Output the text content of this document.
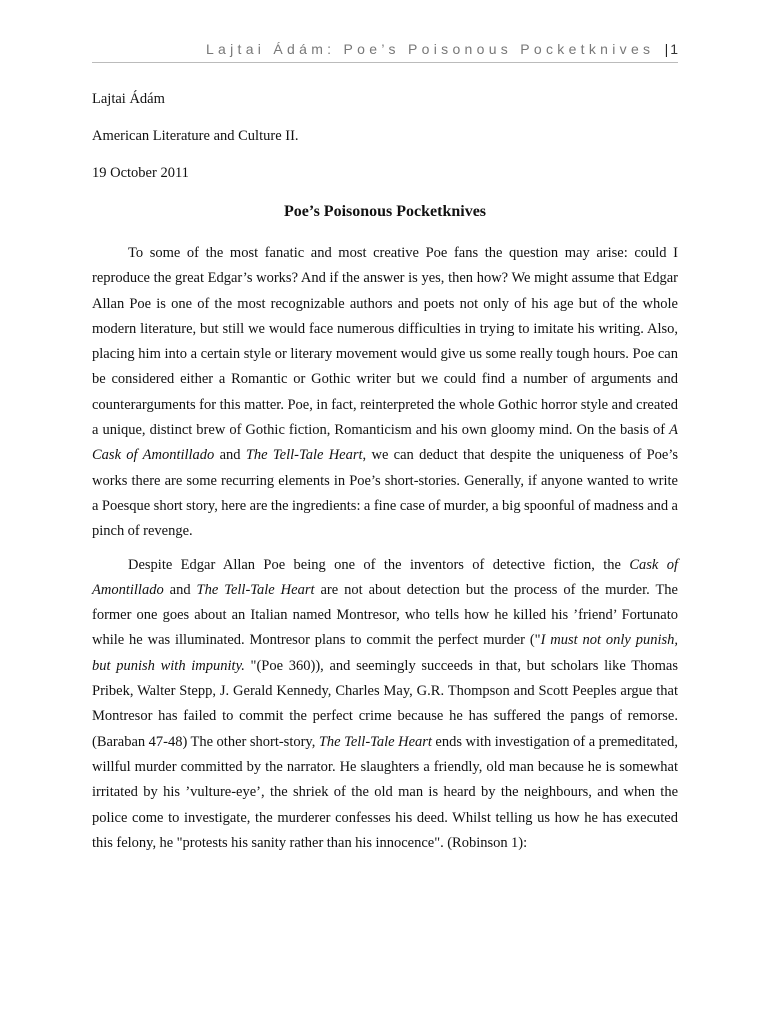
Lajtai Ádám: Poe’s Poisonous Pocketknives |1
Lajtai Ádám
American Literature and Culture II.
19 October 2011
Poe’s Poisonous Pocketknives

To some of the most fanatic and most creative Poe fans the question may arise: could I reproduce the great Edgar’s works? And if the answer is yes, then how? We might assume that Edgar Allan Poe is one of the most recognizable authors and poets not only of his age but of the whole modern literature, but still we would face numerous difficulties in trying to imitate his writing. Also, placing him into a certain style or literary movement would give us some really tough hours. Poe can be considered either a Romantic or Gothic writer but we could find a number of arguments and counterarguments for this matter. Poe, in fact, reinterpreted the whole Gothic horror style and created a unique, distinct brew of Gothic fiction, Romanticism and his own gloomy mind. On the basis of A Cask of Amontillado and The Tell-Tale Heart, we can deduct that despite the uniqueness of Poe’s works there are some recurring elements in Poe’s short-stories. Generally, if anyone wanted to write a Poesque short story, here are the ingredients: a fine case of murder, a big spoonful of madness and a pinch of revenge.

Despite Edgar Allan Poe being one of the inventors of detective fiction, the Cask of Amontillado and The Tell-Tale Heart are not about detection but the process of the murder. The former one goes about an Italian named Montresor, who tells how he killed his ’friend’ Fortunato while he was illuminated. Montresor plans to commit the perfect murder ("I must not only punish, but punish with impunity. "(Poe 360)), and seemingly succeeds in that, but scholars like Thomas Pribek, Walter Stepp, J. Gerald Kennedy, Charles May, G.R. Thompson and Scott Peeples argue that Montresor has failed to commit the perfect crime because he has suffered the pangs of remorse. (Baraban 47-48) The other short-story, The Tell-Tale Heart ends with investigation of a premeditated, willful murder committed by the narrator. He slaughters a friendly, old man because he is somewhat irritated by his ’vulture-eye’, the shriek of the old man is heard by the neighbours, and when the police come to investigate, the murderer confesses his deed. Whilst telling us how he has executed this felony, he "protests his sanity rather than his innocence". (Robinson 1):
